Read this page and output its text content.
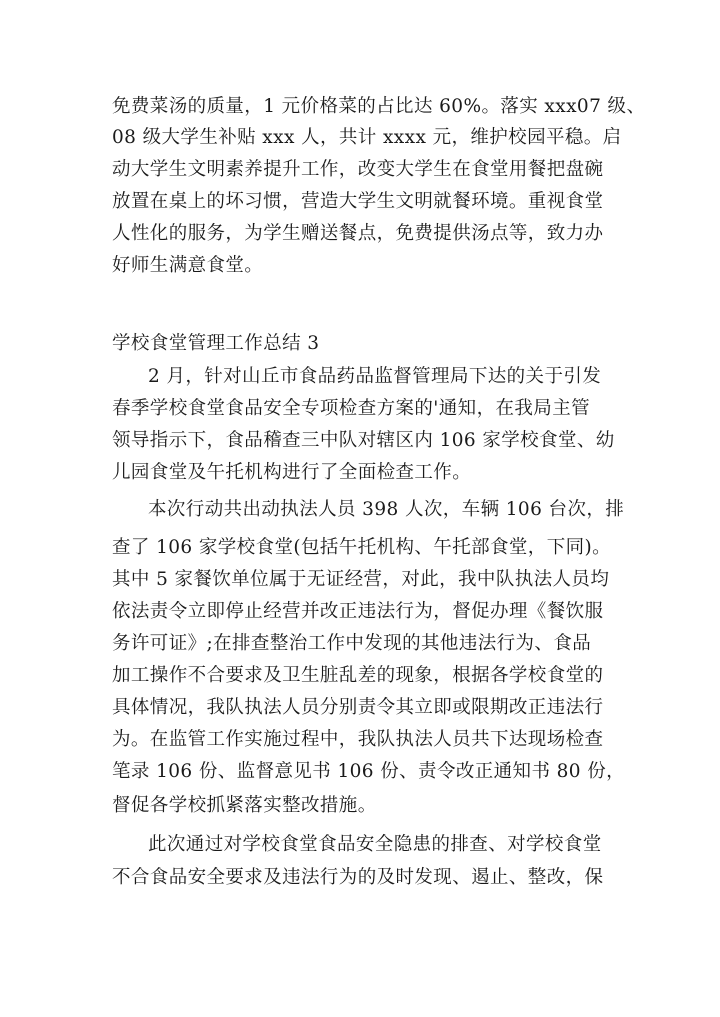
免费菜汤的质量，1 元价格菜的占比达 60%。落实 xxx07 级、
08 级大学生补贴 xxx 人，共计 xxxx 元，维护校园平稳。启
动大学生文明素养提升工作，改变大学生在食堂用餐把盘碗
放置在桌上的坏习惯，营造大学生文明就餐环境。重视食堂
人性化的服务，为学生赠送餐点，免费提供汤点等，致力办
好师生满意食堂。
学校食堂管理工作总结 3
2 月，针对山丘市食品药品监督管理局下达的关于引发
春季学校食堂食品安全专项检查方案的'通知，在我局主管
领导指示下，食品稽查三中队对辖区内 106 家学校食堂、幼
儿园食堂及午托机构进行了全面检查工作。
本次行动共出动执法人员 398 人次，车辆 106 台次，排
查了 106 家学校食堂(包括午托机构、午托部食堂，下同)。
其中 5 家餐饮单位属于无证经营，对此，我中队执法人员均
依法责令立即停止经营并改正违法行为，督促办理《餐饮服
务许可证》;在排查整治工作中发现的其他违法行为、食品
加工操作不合要求及卫生脏乱差的现象，根据各学校食堂的
具体情况，我队执法人员分别责令其立即或限期改正违法行
为。在监管工作实施过程中，我队执法人员共下达现场检查
笔录 106 份、监督意见书 106 份、责令改正通知书 80 份，
督促各学校抓紧落实整改措施。
此次通过对学校食堂食品安全隐患的排查、对学校食堂
不合食品安全要求及违法行为的及时发现、遏止、整改，保
